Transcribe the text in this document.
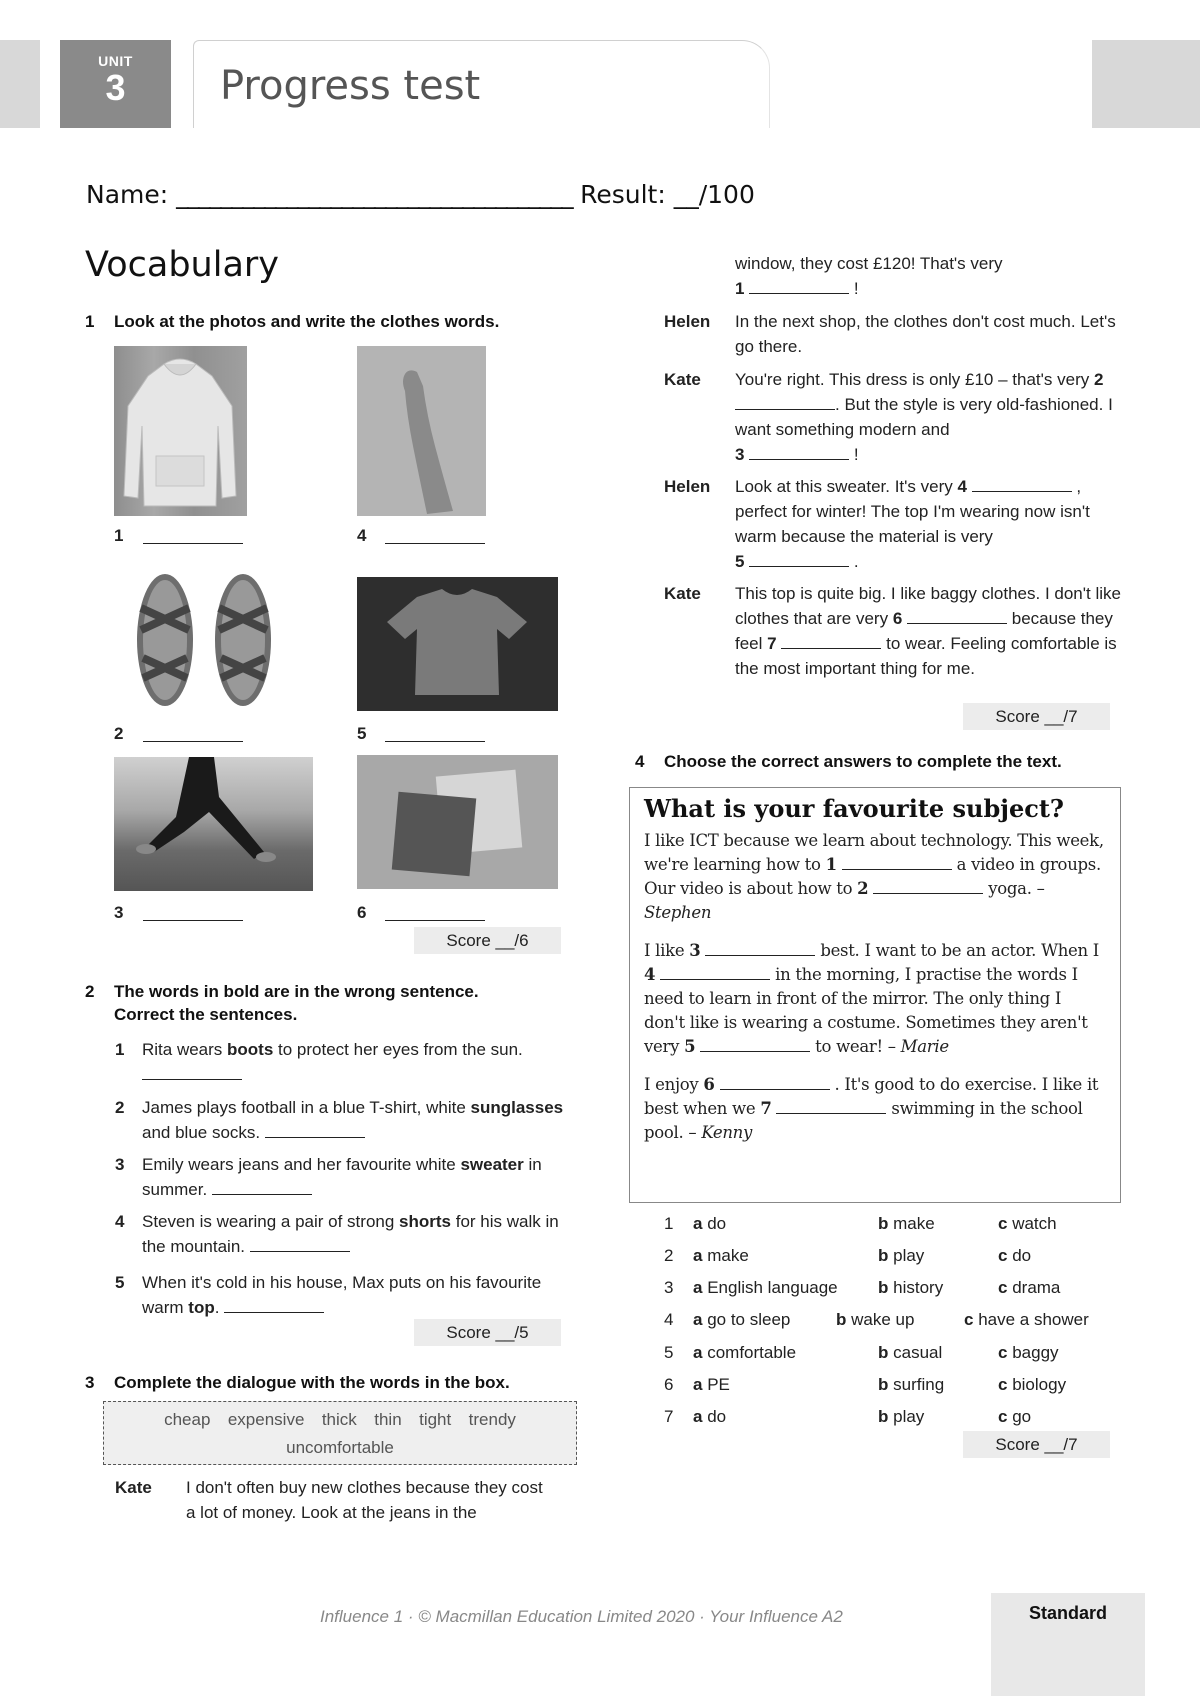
UNIT
3	Progress test
Name: ____________________________________ Result: __/100
Vocabulary
1 Look at the photos and write the clothes words.
1	4
2	5
3	6
Score __/6
2 The words in bold are in the wrong sentence.
Correct the sentences.
1 Rita wears boots to protect her eyes from the sun.

2 James plays football in a blue T-shirt, white sunglasses and blue socks.
3 Emily wears jeans and her favourite white sweater in summer.
4 Steven is wearing a pair of strong shorts for his walk in the mountain.
5 When it's cold in his house, Max puts on his favourite warm top.
Score __/5
3 Complete the dialogue with the words in the box.
cheap  expensive  thick  thin  tight  trendy
uncomfortable
Kate I don't often buy new clothes because they cost a lot of money. Look at the jeans in the
window, they cost £120! That's very
1	!
Helen In the next shop, the clothes don't cost much. Let's go there.
Kate You're right. This dress is only £10 – that's very 2 . But the style is very old-fashioned. I want something modern and
3	!
Helen Look at this sweater. It's very 4	, perfect for winter! The top I'm wearing now isn't warm because the material is very
5	.
Kate This top is quite big. I like baggy clothes. I don't like clothes that are very 6	because they feel 7	to wear. Feeling comfortable is the most important thing for me.
Score __/7
4 Choose the correct answers to complete the text.
What is your favourite subject?

I like ICT because we learn about technology. This week, we're learning how to 1	a video in groups. Our video is about how to 2	yoga. – Stephen

I like 3	best. I want to be an actor. When I 4	in the morning, I practise the words I need to learn in front of the mirror. The only thing I don't like is wearing a costume. Sometimes they aren't very 5	to wear! – Marie

I enjoy 6	. It's good to do exercise. I like it best when we 7	swimming in the school pool. – Kenny

1 a do	b make	c watch
2 a make	b play	c do
3 a English language b history	c drama
4 a go to sleep	b wake up	c have a shower
5 a comfortable	b casual	c baggy
6 a PE	b surfing	c biology
7 a do	b play	c go
Score __/7
Influence 1 · © Macmillan Education Limited 2020 · Your Influence A2	Standard
